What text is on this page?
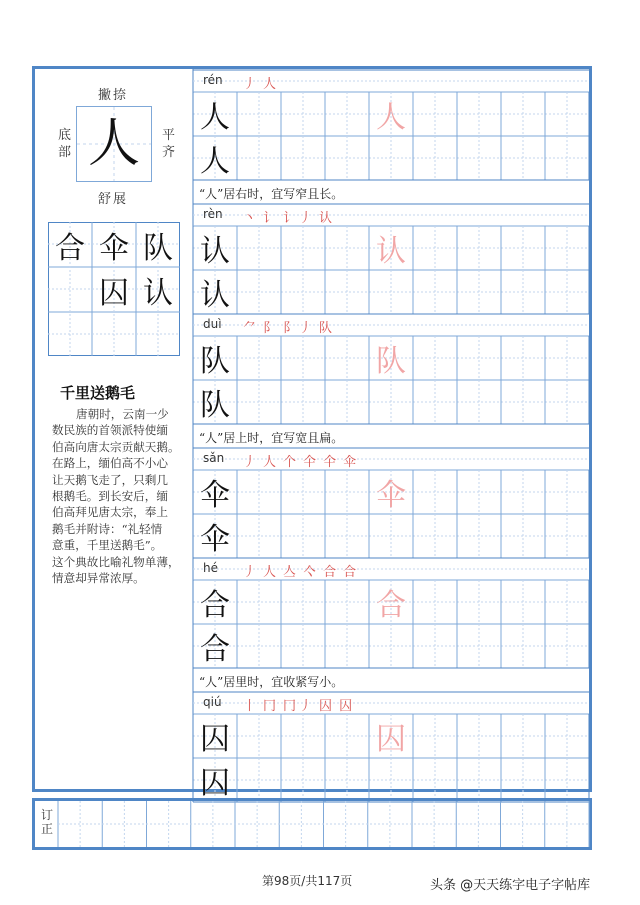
撇捺
人
底部
平齐
舒展
合 伞 队
囚 认
千里送鹅毛
唐朝时，云南一少
数民族的首领派特使缅
伯高向唐太宗贡献天鹅。
在路上，缅伯高不小心
让天鹅飞走了，只剩几
根鹅毛。到长安后，缅
伯高拜见唐太宗，奉上
鹅毛并附诗：“礼轻情
意重，千里送鹅毛”。
这个典故比喻礼物单薄，
情意却异常浓厚。
rén 丿 人
人
人
人
“人”居右时，宜写窄且长。
rèn 丶 讠 讠丿 认
认
认
认
duì ⺈ 阝 阝丿 队
队
队
队
“人”居上时，宜写宽且扁。
sǎn 丿 人 个 仐 仐 伞
伞
伞
伞
hé 丿 人 亼 亽 合 合
合
合
合
“人”居里时，宜收紧写小。
qiú 丨 冂 冂丿 囚 囚
囚
囚
囚
订正
第98页/共117页	头条 @天天练字电子字帖库
